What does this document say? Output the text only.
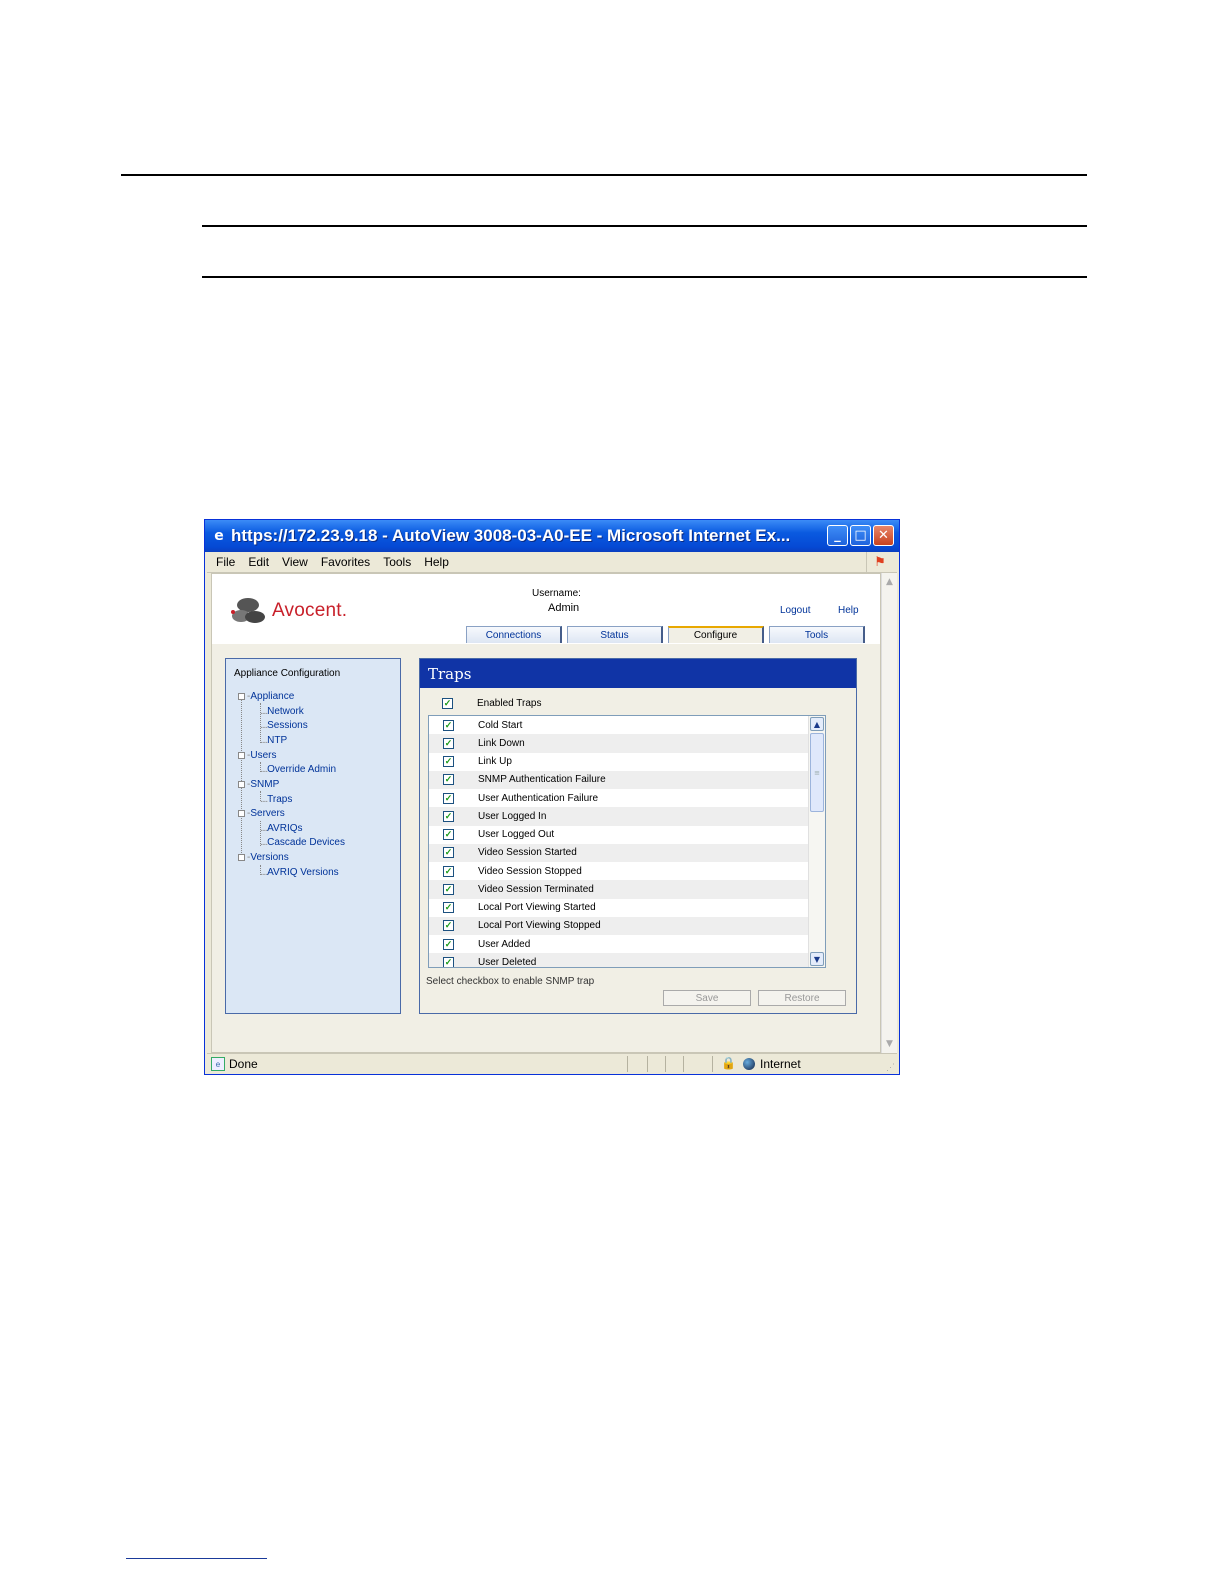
e https://172.23.9.18 - AutoView 3008-03-A0-EE - Microsoft Internet Ex...	_	□ ✕
File Edit View Favorites Tools Help	⚑
Avocent.
Username:
Admin	Logout	Help
Connections	Status	Configure	Tools
Appliance Configuration
-Appliance
....Network
....Sessions
....NTP
-Users
....Override Admin
-SNMP
....Traps
-Servers
....AVRIQs
....Cascade Devices
-Versions
....AVRIQ Versions
Traps
✓	Enabled Traps
✓	Cold Start
✓	Link Down
✓	Link Up
✓	SNMP Authentication Failure
✓	User Authentication Failure
✓	User Logged In
✓	User Logged Out
✓	Video Session Started
✓	Video Session Stopped
✓	Video Session Terminated
✓	Local Port Viewing Started
✓	Local Port Viewing Stopped
✓	User Added
✓	User Deleted
▲
≡
▼
Select checkbox to enable SNMP trap
Save	Restore
▲
▼
e Done	🔒 Internet	⋰
